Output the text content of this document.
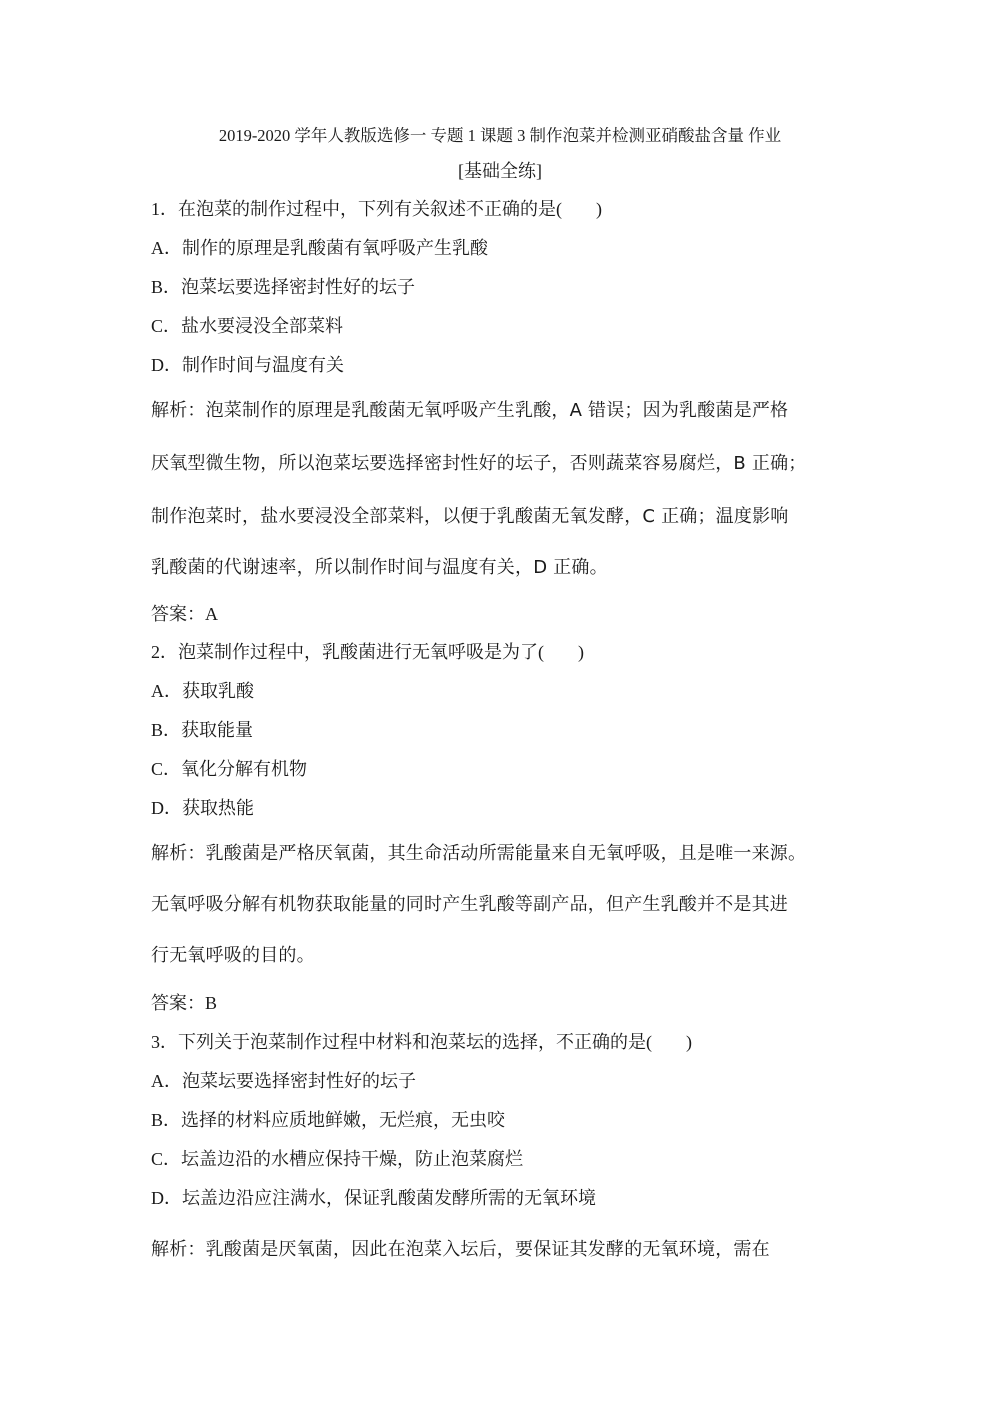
2019-2020 学年人教版选修一 专题 1 课题 3 制作泡菜并检测亚硝酸盐含量 作业
[基础全练]
1．在泡菜的制作过程中，下列有关叙述不正确的是( )
A．制作的原理是乳酸菌有氧呼吸产生乳酸
B．泡菜坛要选择密封性好的坛子
C．盐水要浸没全部菜料
D．制作时间与温度有关
解析：泡菜制作的原理是乳酸菌无氧呼吸产生乳酸，A 错误；因为乳酸菌是严格
厌氧型微生物，所以泡菜坛要选择密封性好的坛子，否则蔬菜容易腐烂，B 正确；
制作泡菜时，盐水要浸没全部菜料，以便于乳酸菌无氧发酵，C 正确；温度影响
乳酸菌的代谢速率，所以制作时间与温度有关，D 正确。
答案：A
2．泡菜制作过程中，乳酸菌进行无氧呼吸是为了( )
A．获取乳酸
B．获取能量
C．氧化分解有机物
D．获取热能
解析：乳酸菌是严格厌氧菌，其生命活动所需能量来自无氧呼吸，且是唯一来源。
无氧呼吸分解有机物获取能量的同时产生乳酸等副产品，但产生乳酸并不是其进
行无氧呼吸的目的。
答案：B
3．下列关于泡菜制作过程中材料和泡菜坛的选择，不正确的是( )
A．泡菜坛要选择密封性好的坛子
B．选择的材料应质地鲜嫩，无烂痕，无虫咬
C．坛盖边沿的水槽应保持干燥，防止泡菜腐烂
D．坛盖边沿应注满水，保证乳酸菌发酵所需的无氧环境
解析：乳酸菌是厌氧菌，因此在泡菜入坛后，要保证其发酵的无氧环境，需在
